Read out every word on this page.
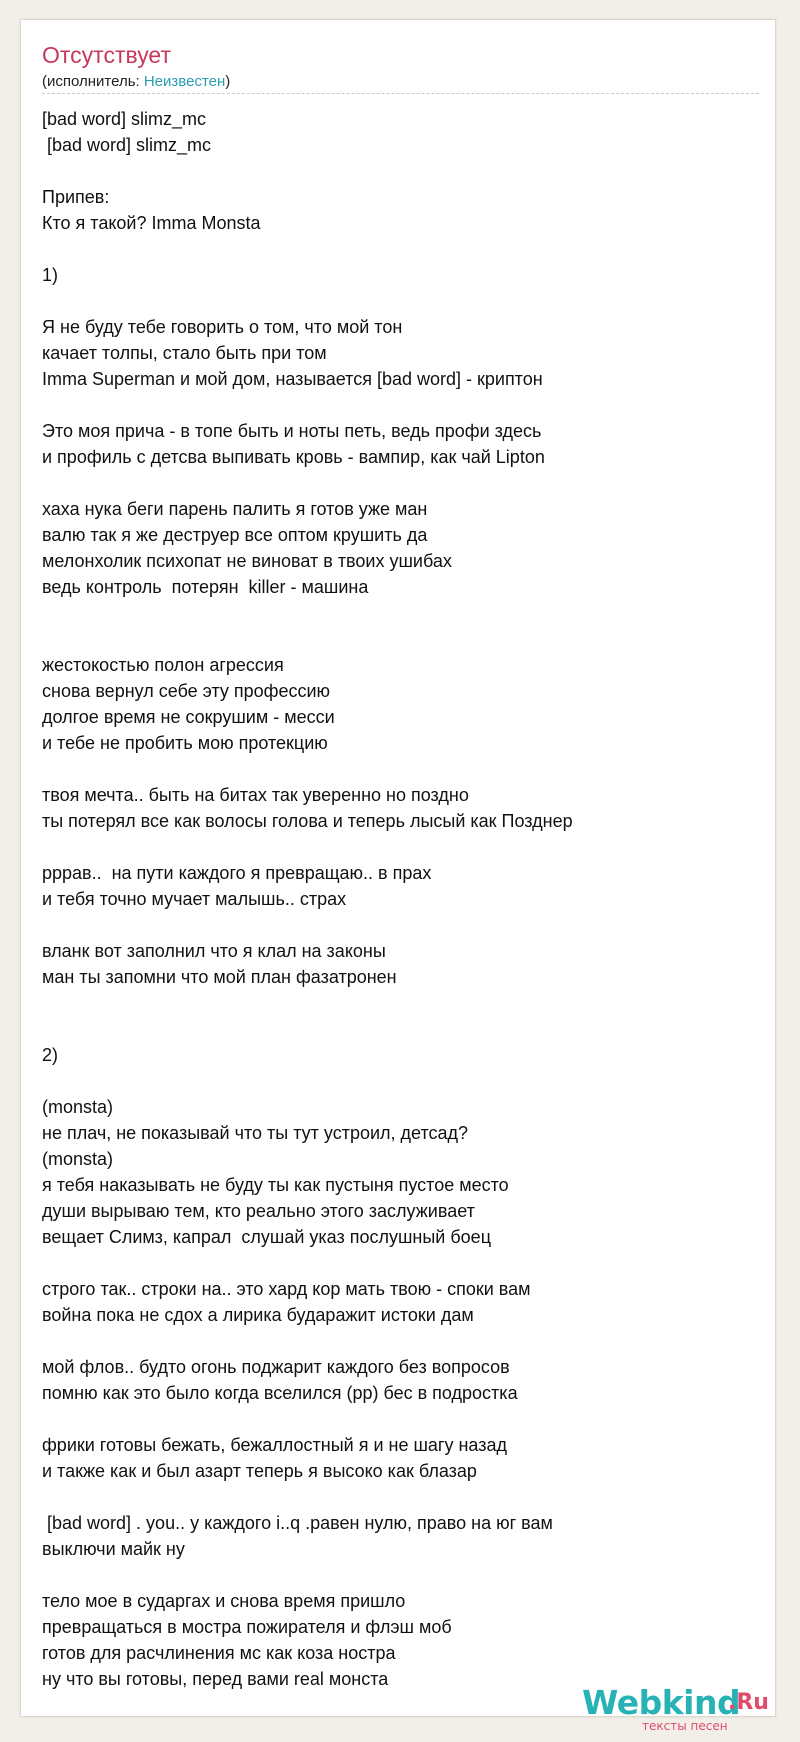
Отсутствует
(исполнитель: Неизвестен)
[bad word] slimz_mc
[bad word] slimz_mc

Припев:
Кто я такой? Imma Monsta

1)

Я не буду тебе говорить о том, что мой тон
качает толпы, стало быть при том
Imma Superman и мой дом, называется [bad word] - криптон

Это моя прича - в топе быть и ноты петь, ведь профи здесь
и профиль с детсва выпивать кровь - вампир, как чай Lipton

хаха нука беги парень палить я готов уже ман
валю так я же деструер все оптом крушить да
мелонхолик психопат не виноват в твоих ушибах
ведь контроль  потерян  killer - машина

жестокостью полон агрессия
снова вернул себе эту профессию
долгое время не сокрушим - месси
и тебе не пробить мою протекцию

твоя мечта.. быть на битах так уверенно но поздно
ты потерял все как волосы голова и теперь лысый как Позднер

рррав..  на пути каждого я превращаю.. в прах
и тебя точно мучает малышь.. страх

вланк вот заполнил что я клал на законы
ман ты запомни что мой план фазатронен

2)

(monsta)
не плач, не показывай что ты тут устроил, детсад?
(monsta)
я тебя наказывать не буду ты как пустыня пустое место
души вырываю тем, кто реально этого заслуживает
вещает Слимз, капрал  слушай указ послушный боец

строго так.. строки на.. это хард кор мать твою - споки вам
война пока не сдох а лирика бударажит истоки дам

мой флов.. будто огонь поджарит каждого без вопросов
помню как это было когда вселился (рр) бес в подростка

фрики готовы бежать, бежаллостный я и не шагу назад
и также как и был азарт теперь я высоко как блазар

[bad word] . you.. у каждого i..q .равен нулю, право на юг вам
выключи майк ну

тело мое в сударгах и снова время пришло
превращаться в мостра пожирателя и флэш моб
готов для расчлинения мс как коза ностра
ну что вы готовы, перед вами real монста
Webkind
.Ru
тексты песен
